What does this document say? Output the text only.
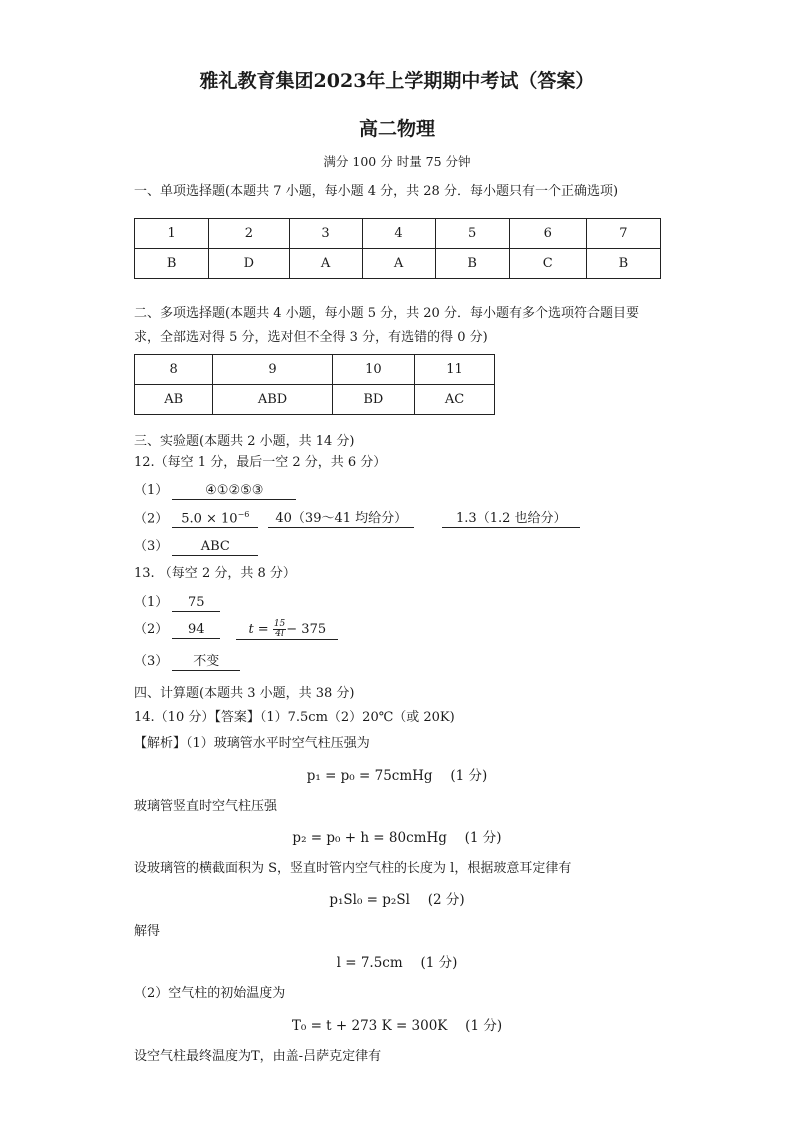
雅礼教育集团2023年上学期期中考试（答案）
高二物理
满分 100 分 时量 75 分钟
一、单项选择题(本题共 7 小题，每小题 4 分，共 28 分．每小题只有一个正确选项)
1	2	3	4	5	6	7
B	D	A	A	B	C	B
二、多项选择题(本题共 4 小题，每小题 5 分，共 20 分．每小题有多个选项符合题目要
求，全部选对得 5 分，选对但不全得 3 分，有选错的得 0 分)
8	9	10	11
AB	ABD	BD	AC
三、实验题(本题共 2 小题，共 14 分)
12.（每空 1 分，最后一空 2 分，共 6 分）
（1）	④①②⑤③
（2） $5.0 \times 10^{-6}$ 40（39～41 均给分）	1.3（1.2 也给分）
（3） ABC
13. （每空 2 分，共 8 分）
（1） 75
（2） 94	$t = \frac{15}{4l} - 375$
（3） 不变
四、计算题(本题共 3 小题，共 38 分)
14.（10 分）【答案】（1）7.5cm（2）20℃（或 20K)
【解析】（1）玻璃管水平时空气柱压强为
p₁ = p₀ = 75cmHg　 (1 分)
玻璃管竖直时空气柱压强
p₂ = p₀ + h = 80cmHg　 (1 分)
设玻璃管的横截面积为 S，竖直时管内空气柱的长度为 l，根据玻意耳定律有
p₁Sl₀ = p₂Sl　 (2 分)
解得
l = 7.5cm　 (1 分)
（2）空气柱的初始温度为
T₀ = t + 273 K = 300K　 (1 分)
设空气柱最终温度为T，由盖-吕萨克定律有
